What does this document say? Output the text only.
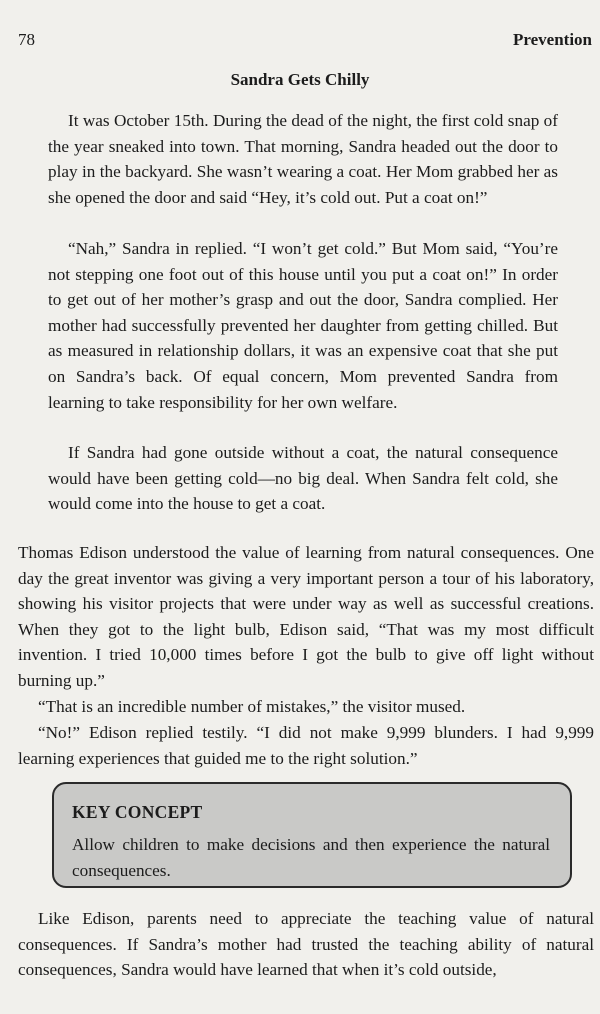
78	Prevention
Sandra Gets Chilly

It was October 15th. During the dead of the night, the first cold snap of the year sneaked into town. That morning, Sandra headed out the door to play in the backyard. She wasn’t wearing a coat. Her Mom grabbed her as she opened the door and said “Hey, it’s cold out. Put a coat on!”

“Nah,” Sandra in replied. “I won’t get cold.” But Mom said, “You’re not stepping one foot out of this house until you put a coat on!” In order to get out of her mother’s grasp and out the door, Sandra complied. Her mother had successfully prevented her daughter from getting chilled. But as measured in relationship dollars, it was an expensive coat that she put on Sandra’s back. Of equal concern, Mom prevented Sandra from learning to take responsibility for her own welfare.

If Sandra had gone outside without a coat, the natural consequence would have been getting cold—no big deal. When Sandra felt cold, she would come into the house to get a coat.

Thomas Edison understood the value of learning from natural consequences. One day the great inventor was giving a very important person a tour of his laboratory, showing his visitor projects that were under way as well as successful creations. When they got to the light bulb, Edison said, “That was my most difficult invention. I tried 10,000 times before I got the bulb to give off light without burning up.”

“That is an incredible number of mistakes,” the visitor mused.

“No!” Edison replied testily. “I did not make 9,999 blunders. I had 9,999 learning experiences that guided me to the right solution.”

KEY CONCEPT
Allow children to make decisions and then experience the natural consequences.

Like Edison, parents need to appreciate the teaching value of natural consequences. If Sandra’s mother had trusted the teaching ability of natural consequences, Sandra would have learned that when it’s cold outside,
